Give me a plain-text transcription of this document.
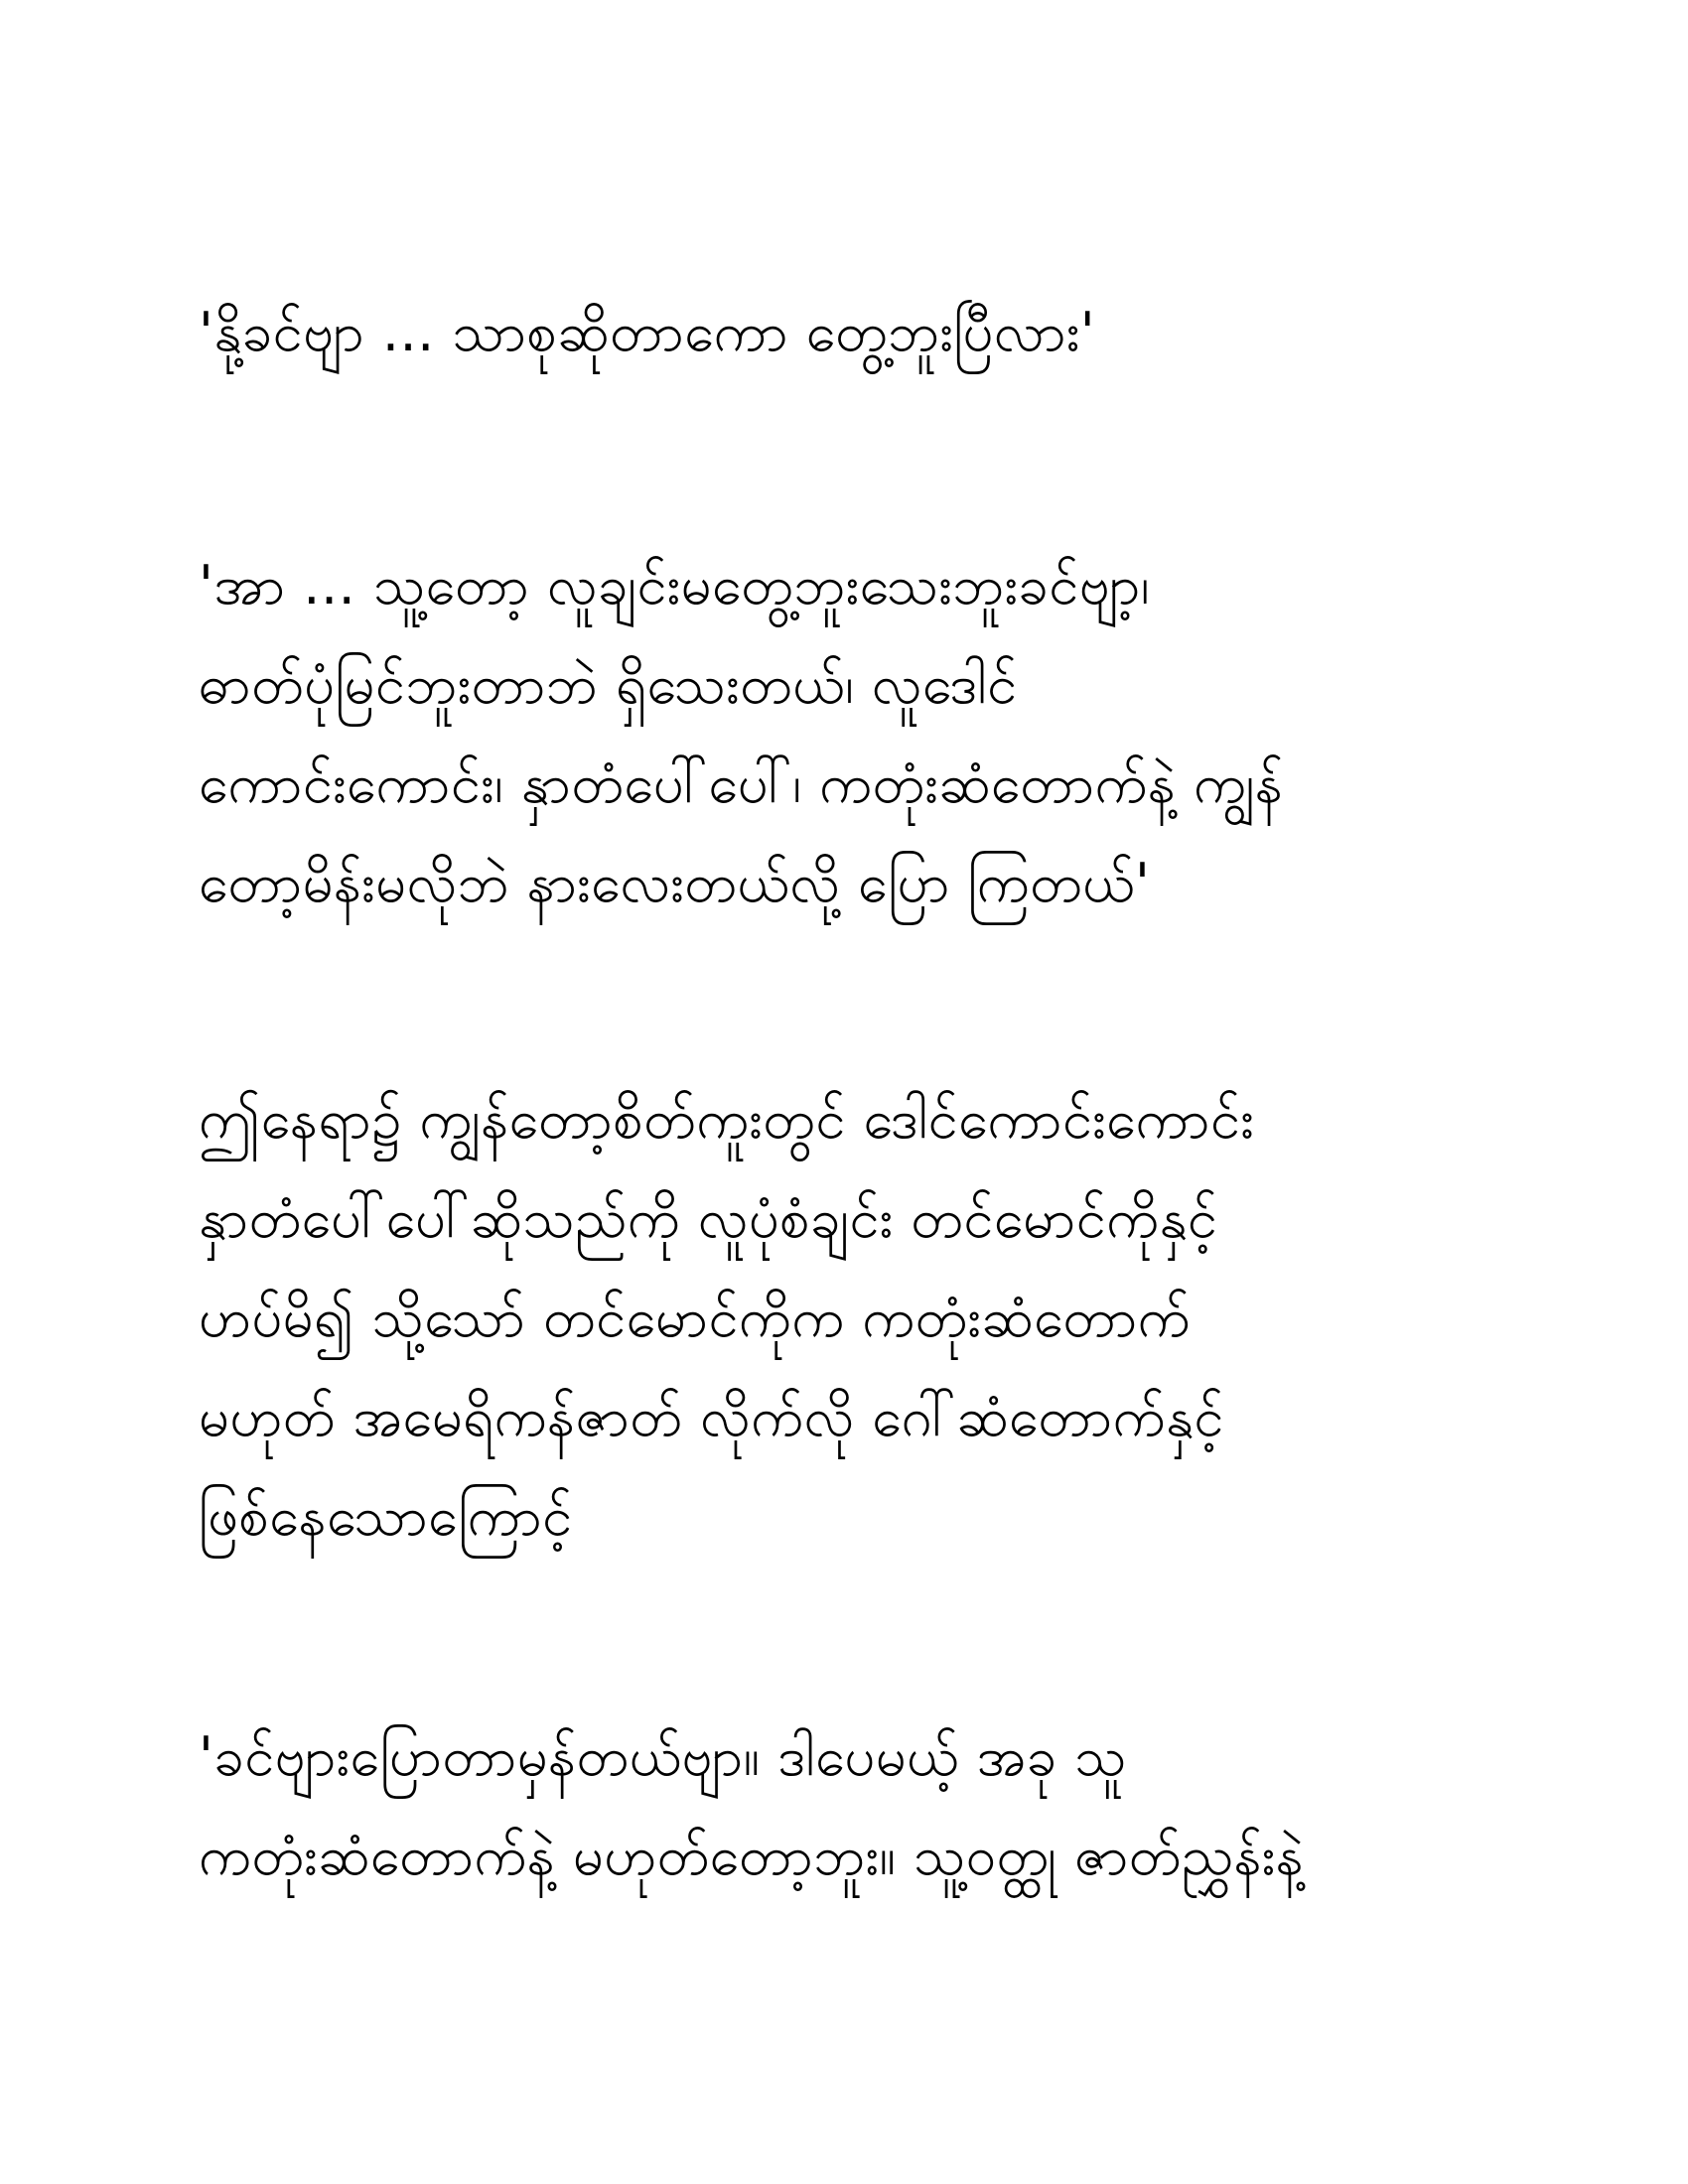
'နို့ခင်ဗျာ ... သာစုဆိုတာကော တွေ့ဘူးပြီလား'

'အာ ... သူ့တော့ လူချင်းမတွေ့ဘူးသေးဘူးခင်ဗျာ့၊
ဓာတ်ပုံမြင်ဘူးတာဘဲ ရှိသေးတယ်၊ လူဒေါင်
ကောင်းကောင်း၊ နှာတံပေါ်ပေါ်၊ ကတုံးဆံတောက်နဲ့ ကျွန်
တော့မိန်းမလိုဘဲ နားလေးတယ်လို့ ပြော ကြတယ်'

ဤနေရာ၌ ကျွန်တော့စိတ်ကူးတွင် ဒေါင်ကောင်းကောင်း
နှာတံပေါ်ပေါ်ဆိုသည်ကို လူပုံစံချင်း တင်မောင်ကိုနှင့်
ဟပ်မိ၍ သို့သော် တင်မောင်ကိုက ကတုံးဆံတောက်
မဟုတ် အမေရိကန်ဇာတ် လိုက်လို ဂေါ်ဆံတောက်နှင့်
ဖြစ်နေသောကြောင့်

'ခင်ဗျားပြောတာမှန်တယ်ဗျာ။ ဒါပေမယ့် အခု သူ
ကတုံးဆံတောက်နဲ့ မဟုတ်တော့ဘူး။ သူ့ဝတ္ထု ဇာတ်ညွှန်းနဲ့
